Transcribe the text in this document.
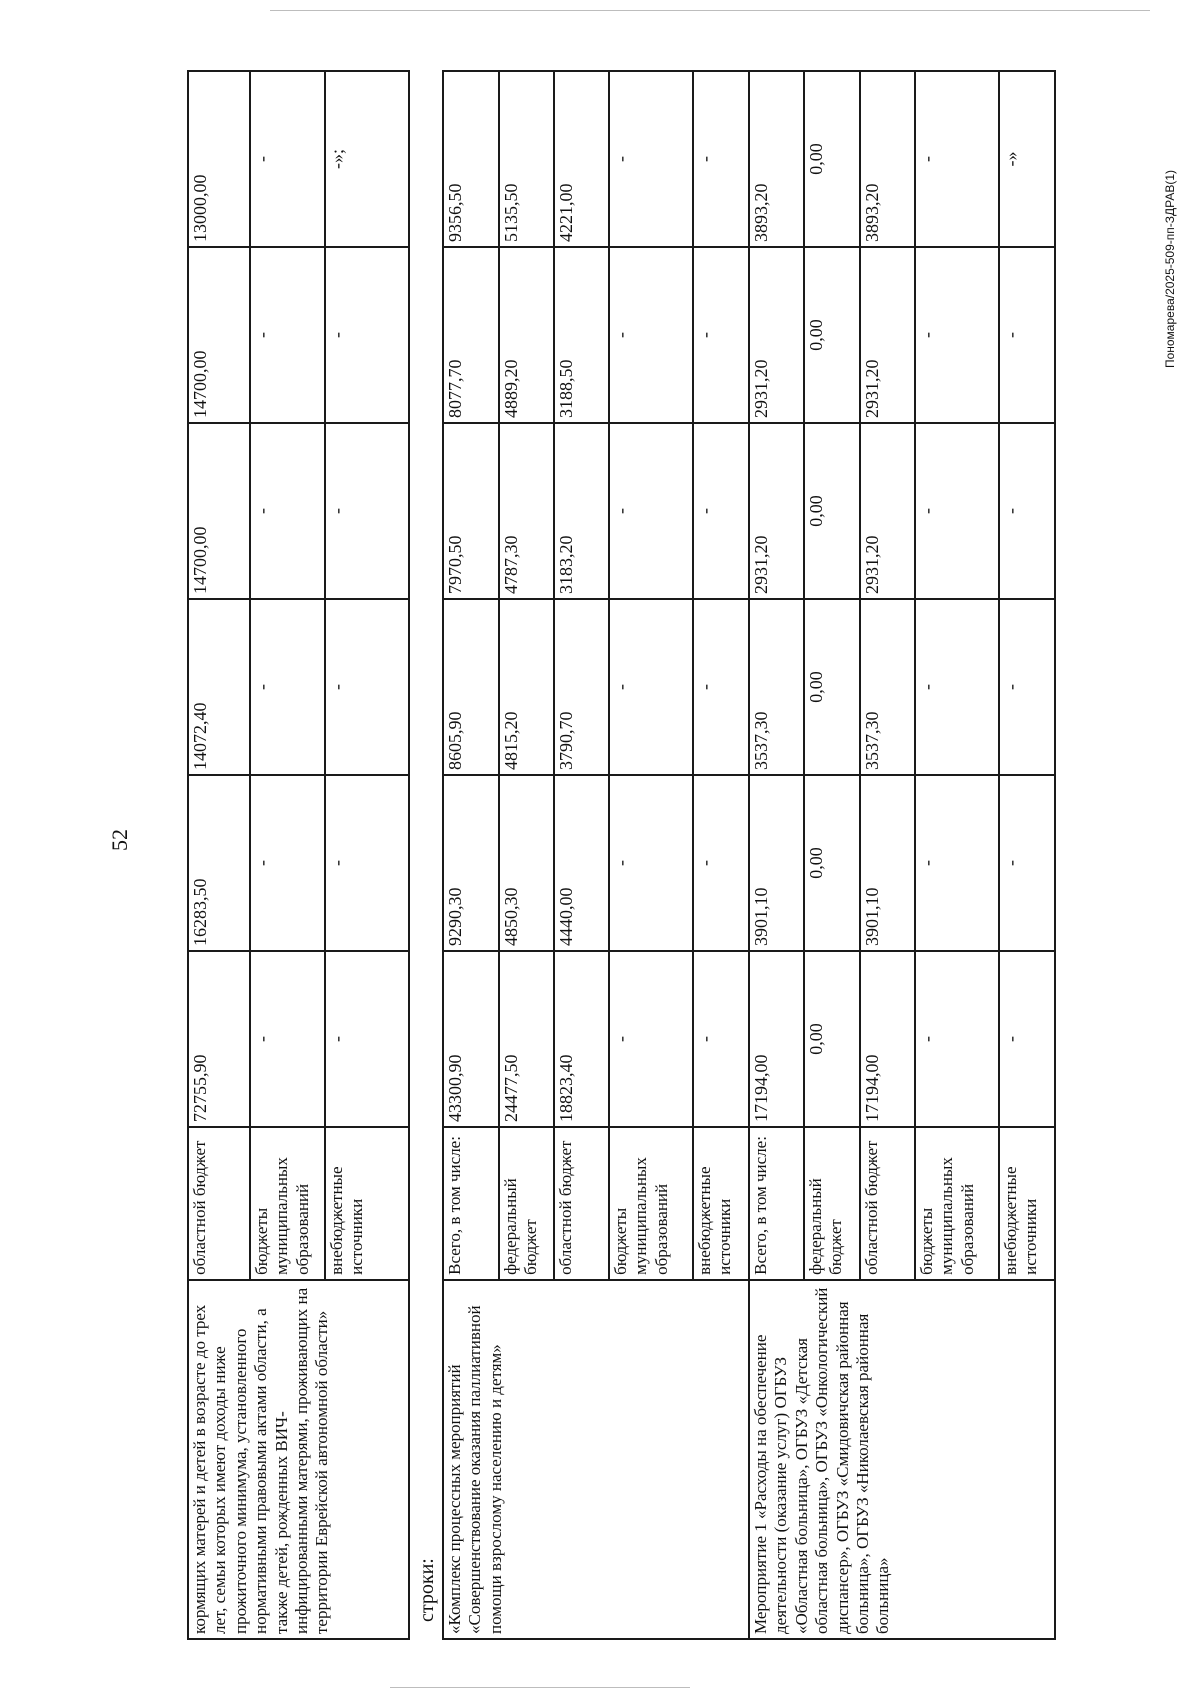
52
Пономарева/2025-509-пп-ЗДРАВ(1)
кормящих матерей и детей в возрасте до трех лет, семьи которых имеют доходы ниже прожиточного минимума, установленного нормативными правовыми актами области, а также детей, рожденных ВИЧ-инфицированными матерями, проживающих на территории Еврейской автономной области»	областной бюджет	72755,90	16283,50	14072,40	14700,00	14700,00	13000,00
	бюджеты муниципальных образований	-	-	-	-	-	-
	внебюджетные источники	-	-	-	-	-	-»;
строки: «Комплекс процессных мероприятий «Совершенствование оказания паллиативной помощи взрослому населению и детям»	Всего, в том числе:	43300,90	9290,30	8605,90	7970,50	8077,70	9356,50
	федеральный бюджет	24477,50	4850,30	4815,20	4787,30	4889,20	5135,50
	областной бюджет	18823,40	4440,00	3790,70	3183,20	3188,50	4221,00
	бюджеты муниципальных образований	-	-	-	-	-	-
	внебюджетные источники	-	-	-	-	-	-
Мероприятие 1 «Расходы на обеспечение деятельности (оказание услуг) ОГБУЗ «Областная больница», ОГБУЗ «Детская областная больница», ОГБУЗ «Онкологический диспансер», ОГБУЗ «Смидовичская районная больница», ОГБУЗ «Николаевская районная больница»	Всего, в том числе:	17194,00	3901,10	3537,30	2931,20	2931,20	3893,20
	федеральный бюджет	0,00	0,00	0,00	0,00	0,00	0,00
	областной бюджет	17194,00	3901,10	3537,30	2931,20	2931,20	3893,20
	бюджеты муниципальных образований	-	-	-	-	-	-
	внебюджетные источники	-	-	-	-	-	-»
